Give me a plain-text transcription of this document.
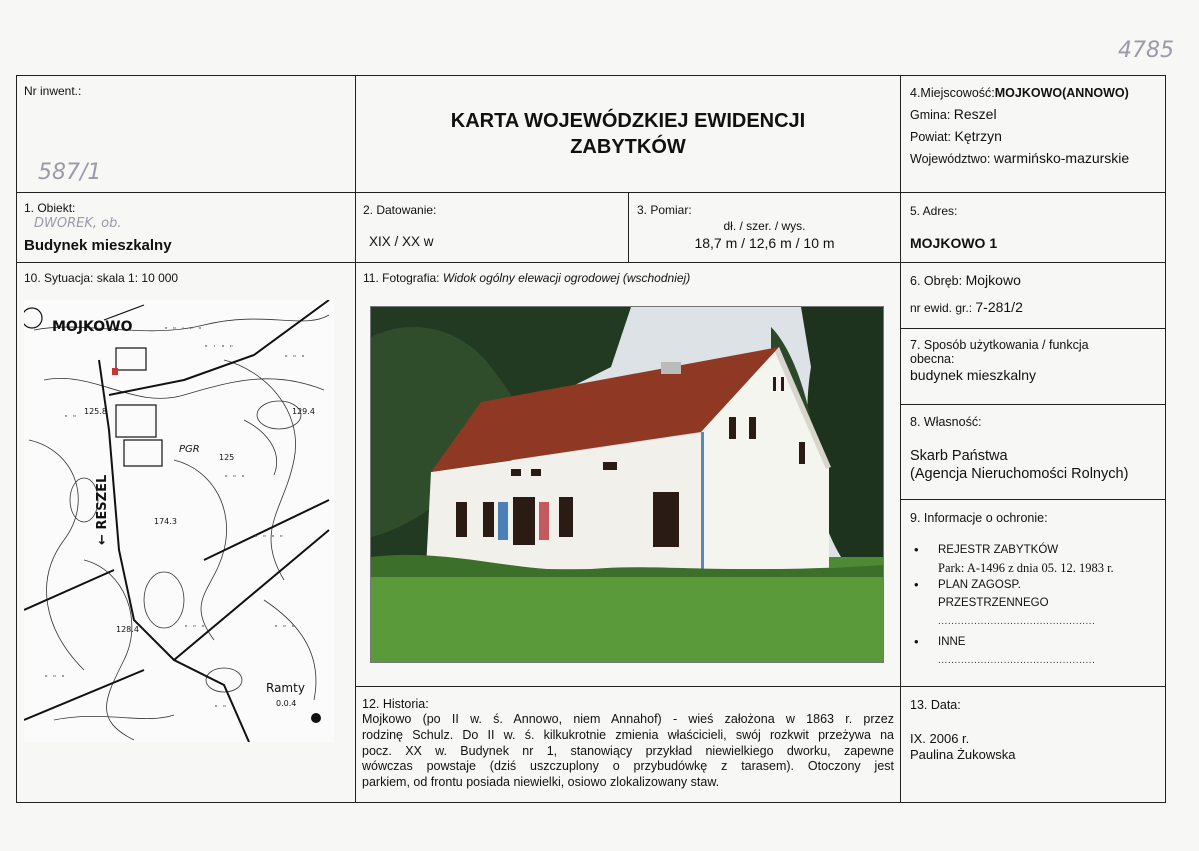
4785
Nr inwent.:
587/1
KARTA WOJEWÓDZKIEJ EWIDENCJI
ZABYTKÓW
4.Miejscowość:MOJKOWO(ANNOWO)
Gmina: Reszel
Powiat: Kętrzyn
Województwo: warmińsko-mazurskie
1. Obiekt:
DWOREK, ob.
Budynek mieszkalny
2. Datowanie:
XIX / XX w
3. Pomiar:
dł. / szer. / wys.
18,7 m / 12,6 m / 10 m
5. Adres:
MOJKOWO 1
10. Sytuacja: skala 1: 10 000
" " ' " "
" ' " "
" " "
" " " "
" "
" " "	" " "
" "
" " "
" " "
MOJKOWO
← RESZEL
PGR
Ramty
0.0.4
125.8	129.4
125
174.3
128.4
11. Fotografia: Widok ogólny elewacji ogrodowej (wschodniej)	6. Obręb: Mojkowo
nr ewid. gr.: 7-281/2
7. Sposób użytkowania / funkcja
obecna:
budynek mieszkalny
8. Własność:
Skarb Państwa
(Agencja Nieruchomości Rolnych)
9. Informacje o ochronie:
• REJESTR ZABYTKÓW
Park: A-1496 z dnia 05. 12. 1983 r.
• PLAN ZAGOSP.
PRZESTRZENNEGO
................................................
• INNE
................................................
12. Historia:
Mojkowo (po II w. ś. Annowo, niem Annahof) - wieś założona w 1863 r. przez
rodzinę Schulz. Do II w. ś. kilkukrotnie zmienia właścicieli, swój rozkwit przeżywa na
pocz. XX w. Budynek nr 1, stanowiący przykład niewielkiego dworku, zapewne
wówczas powstaje (dziś uszczuplony o przybudówkę z tarasem). Otoczony jest
parkiem, od frontu posiada niewielki, osiowo zlokalizowany staw.
13. Data:
IX. 2006 r.
Paulina Żukowska
